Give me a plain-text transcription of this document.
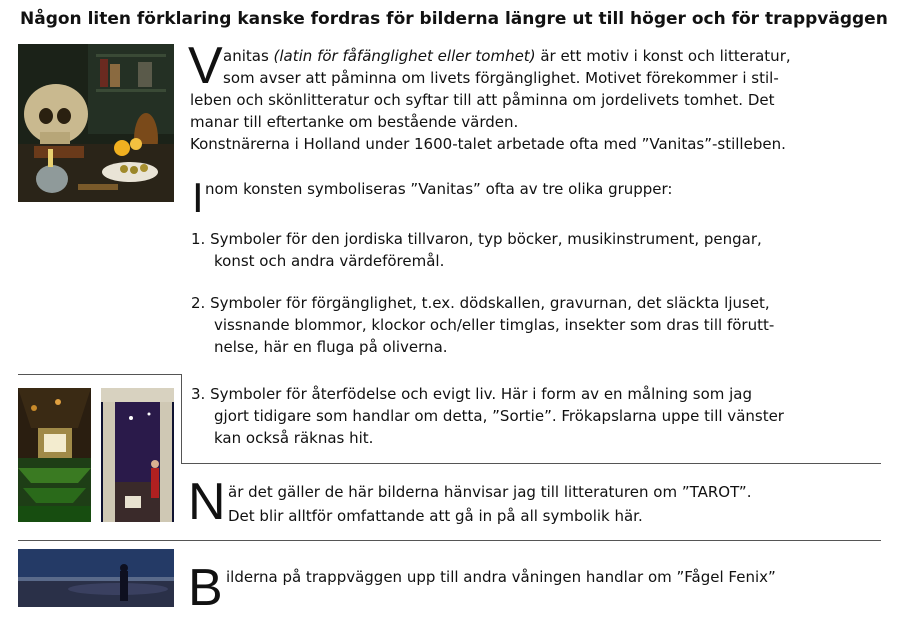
Någon liten förklaring kanske fordras för bilderna längre ut till höger och för trappväggen
V anitas (latin för fåfänglighet eller tomhet) är ett motiv i konst och litteratur,
som avser att påminna om livets förgänglighet. Motivet förekommer i stil-
leben och skönlitteratur och syftar till att påminna om jordelivets tomhet. Det
manar till eftertanke om bestående värden.
Konstnärerna i Holland under 1600-talet arbetade ofta med ”Vanitas”-stilleben.
I nom konsten symboliseras ”Vanitas” ofta av tre olika grupper:
1. Symboler för den jordiska tillvaron, typ böcker, musikinstrument, pengar,
konst och andra värdeföremål.
2. Symboler för förgänglighet, t.ex. dödskallen, gravurnan, det släckta ljuset,
vissnande blommor, klockor och/eller timglas, insekter som dras till förutt-
nelse, här en fluga på oliverna.
3. Symboler för återfödelse och evigt liv. Här i form av en målning som jag
gjort tidigare som handlar om detta, ”Sortie”. Frökapslarna uppe till vänster
kan också räknas hit.
N är det gäller de här bilderna hänvisar jag till litteraturen om ”TAROT”.
Det blir alltför omfattande att gå in på all symbolik här.
B ilderna på trappväggen upp till andra våningen handlar om ”Fågel Fenix”
